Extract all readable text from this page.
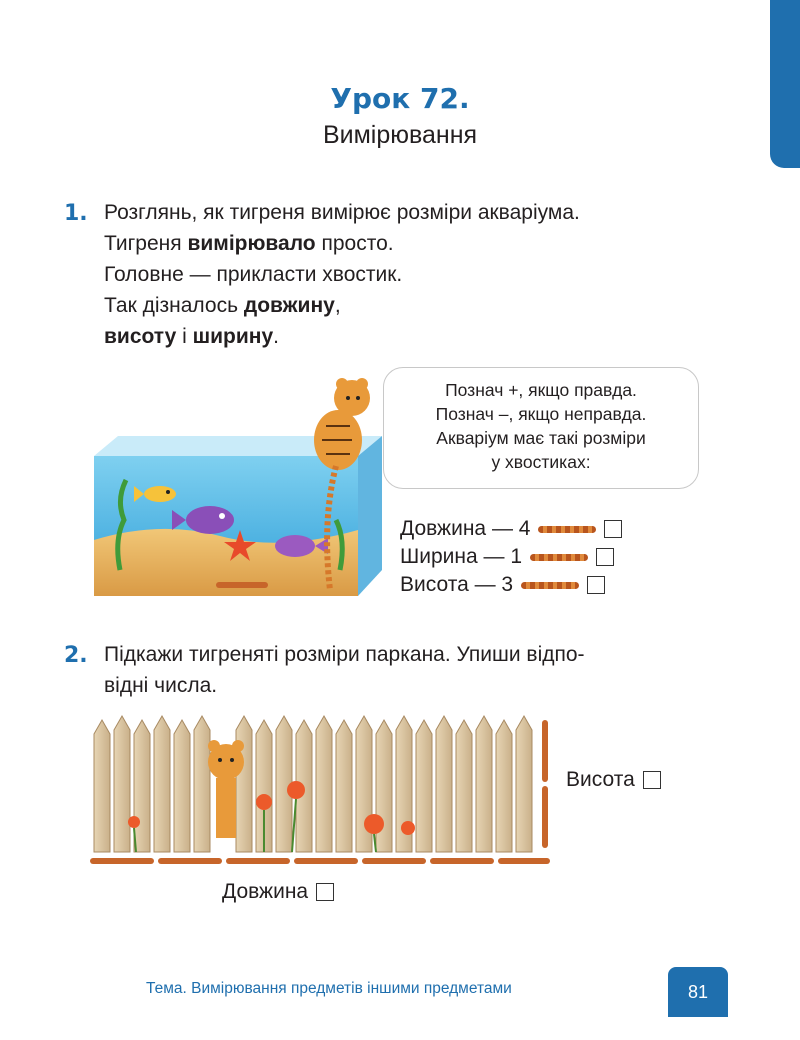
Урок 72.
Вимірювання
1. Розглянь, як тигреня вимірює розміри акваріума.
Тигреня вимірювало просто.
Головне — прикласти хвостик.
Так дізналось довжину,
висоту і ширину.
Познач +, якщо правда.
Познач –, якщо неправда.
Акваріум має такі розміри
у хвостиках:
Довжина — 4
Ширина — 1
Висота — 3
2. Підкажи тигреняті розміри паркана. Упиши відпо-
відні числа.
Висота
Довжина
Тема. Вимірювання предметів іншими предметами	81
